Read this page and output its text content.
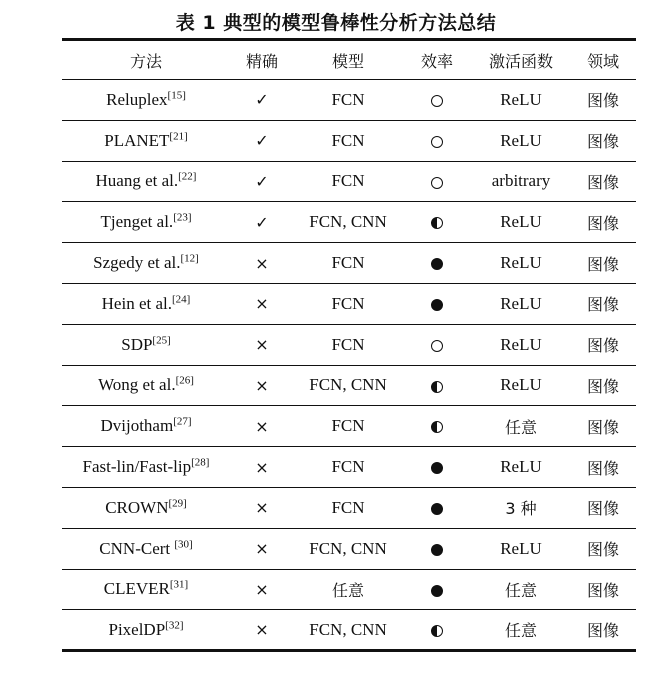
表 1 典型的模型鲁棒性分析方法总结
方法	精确	模型	效率	激活函数	领域
Reluplex[15]	✓	FCN		ReLU	图像
PLANET[21]	✓	FCN		ReLU	图像
Huang et al.[22]	✓	FCN		arbitrary	图像
Tjenget al.[23]	✓	FCN, CNN		ReLU	图像
Szgedy et al.[12]	×	FCN		ReLU	图像
Hein et al.[24]	×	FCN		ReLU	图像
SDP[25]	×	FCN		ReLU	图像
Wong et al.[26]	×	FCN, CNN		ReLU	图像
Dvijotham[27]	×	FCN		任意	图像
Fast-lin/Fast-lip[28]	×	FCN		ReLU	图像
CROWN[29]	×	FCN		3 种	图像
CNN-Cert [30]	×	FCN, CNN		ReLU	图像
CLEVER[31]	×	任意		任意	图像
PixelDP[32]	×	FCN, CNN		任意	图像
